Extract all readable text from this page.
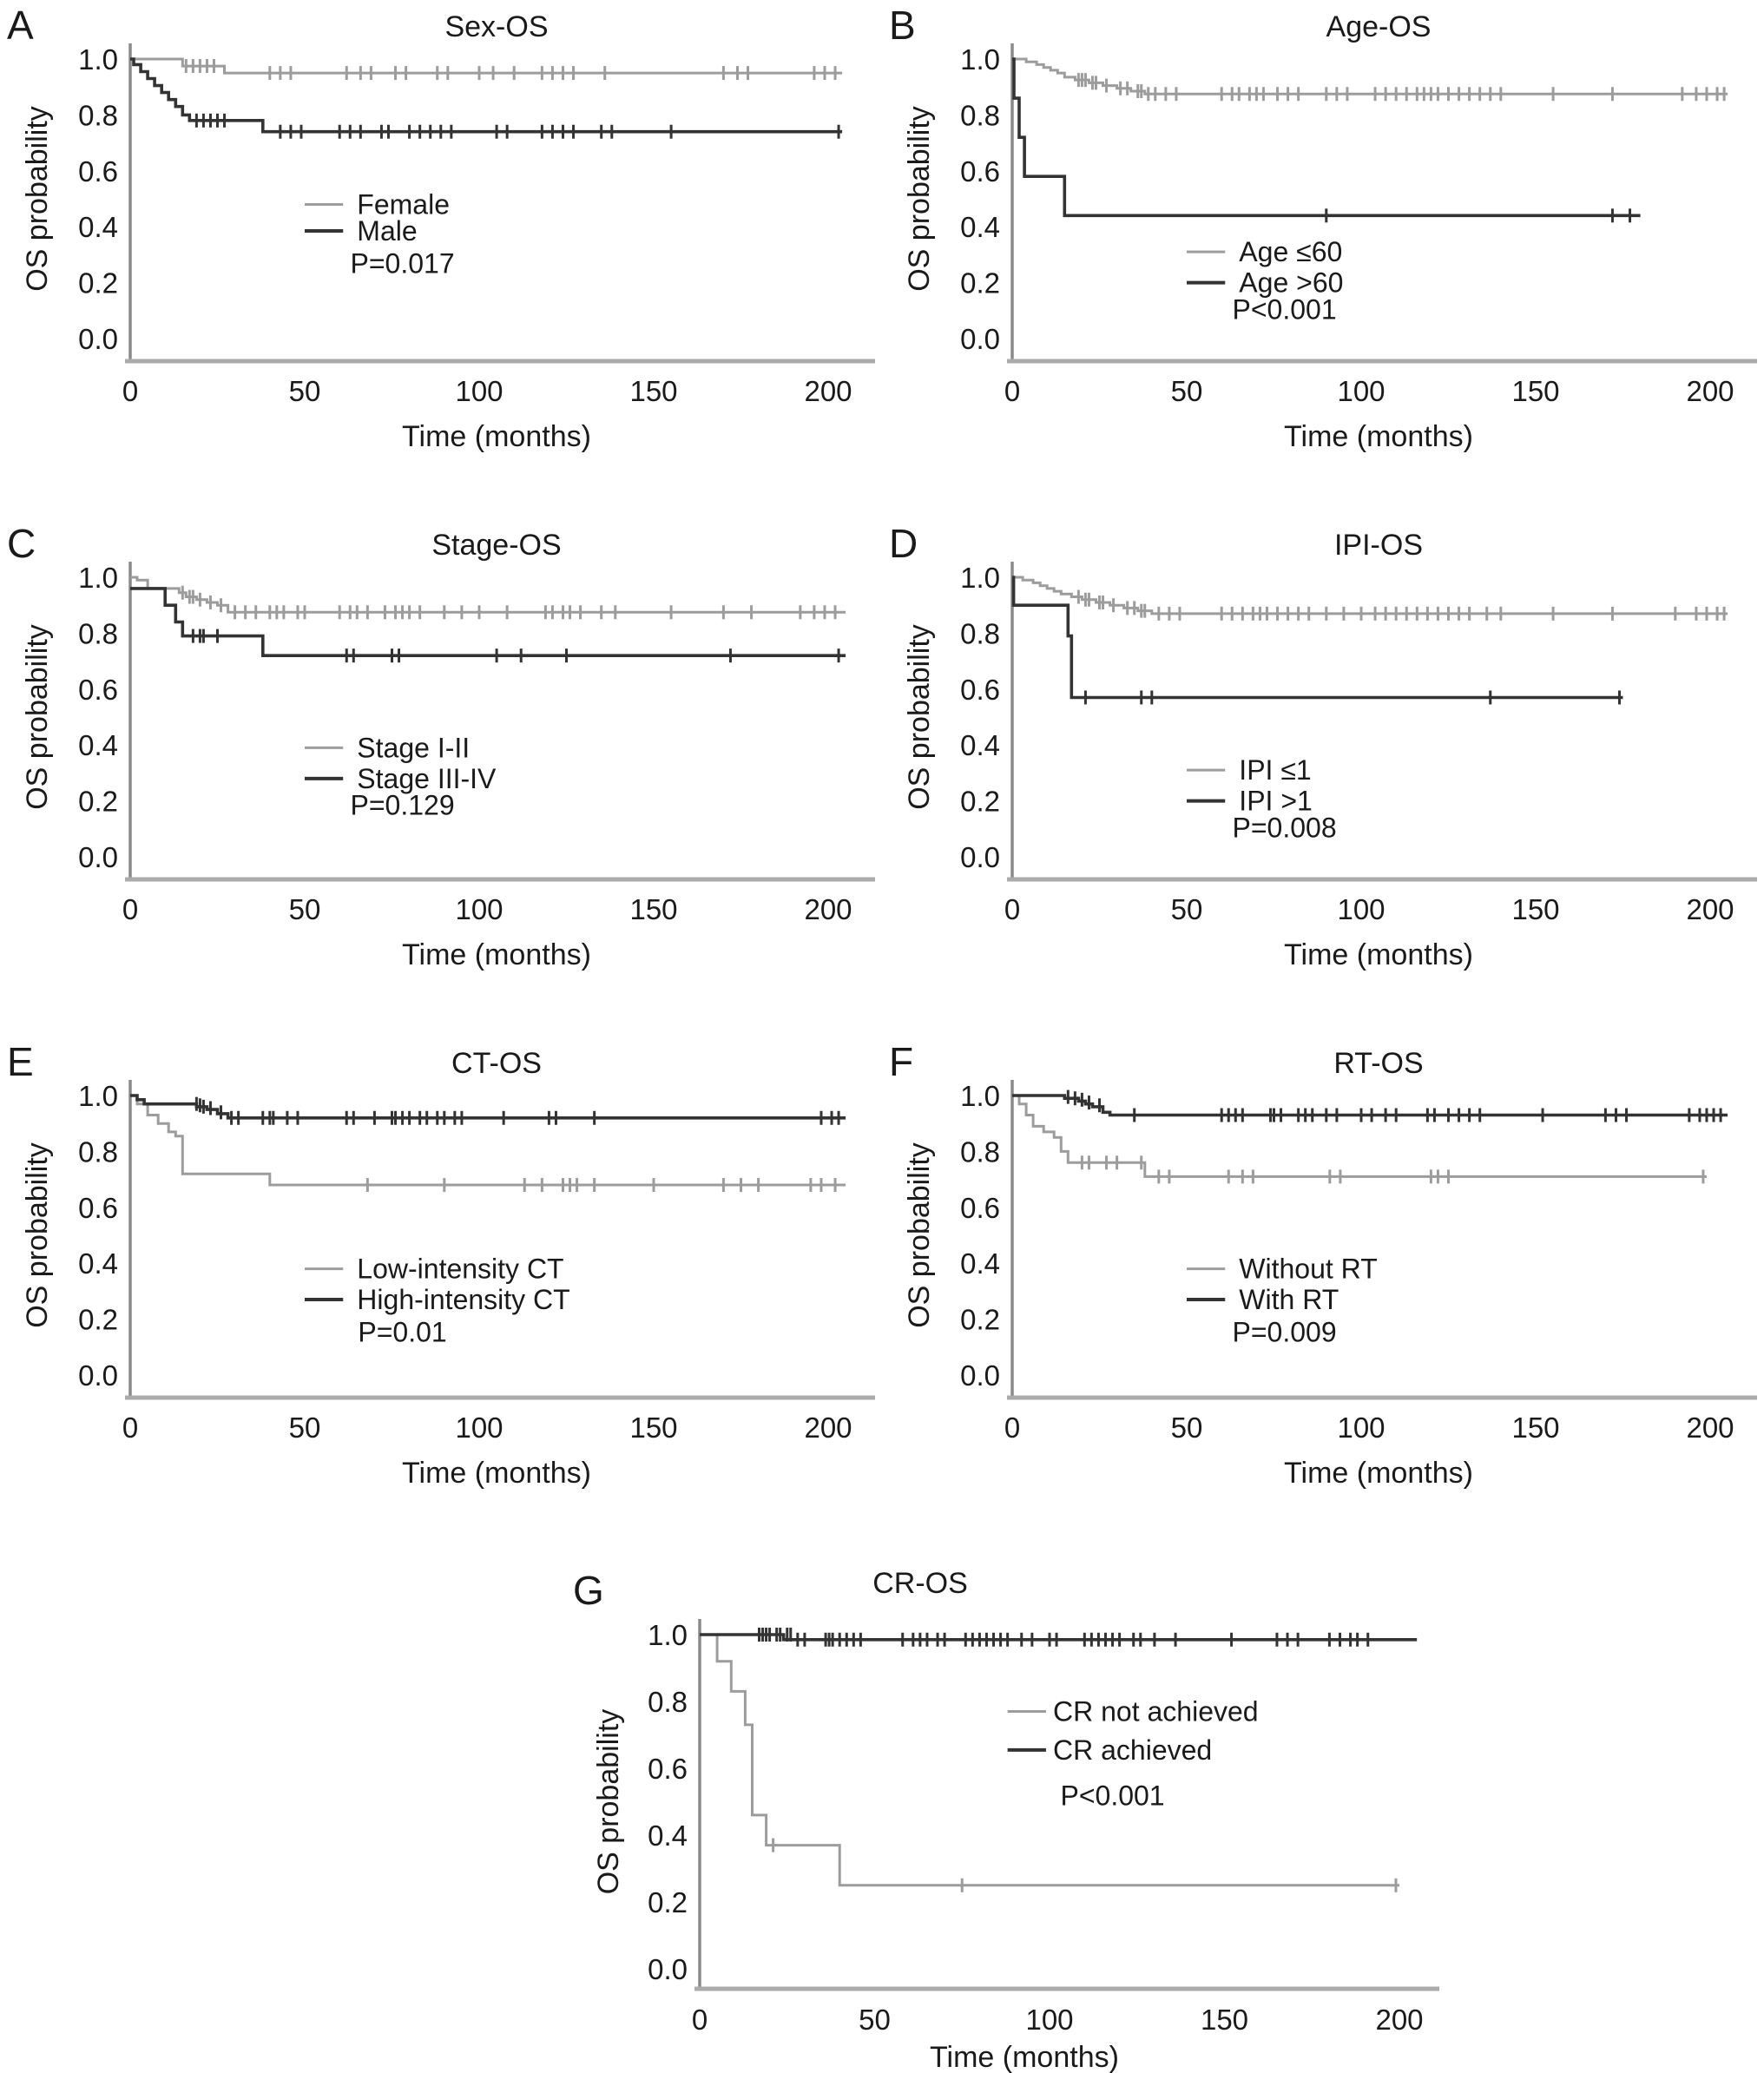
A	Sex-OS
1.0
0.8
0.6
0.4
0.2
0.0
0	50	100	150	200
Time (months)
OS probability	Female
Male
P=0.017
B	Age-OS
1.0
0.8
0.6
0.4
0.2
0.0
0	50	100	150	200
Time (months)
OS probability	Age ≤60
Age >60
P<0.001
C	Stage-OS
1.0
0.8
0.6
0.4
0.2
0.0
0	50	100	150	200
Time (months)
OS probability	Stage I-II
Stage III-IV
P=0.129
D	IPI-OS
1.0
0.8
0.6
0.4
0.2
0.0
0	50	100	150	200
Time (months)
OS probability	IPI ≤1
IPI >1
P=0.008
E	CT-OS
1.0
0.8
0.6
0.4
0.2
0.0
0	50	100	150	200
Time (months)
OS probability	Low-intensity CT
High-intensity CT
P=0.01
F	RT-OS
1.0
0.8
0.6
0.4
0.2
0.0
0	50	100	150	200
Time (months)
OS probability	Without RT
With RT
P=0.009
G	CR-OS
1.0
0.8
0.6
0.4
0.2
0.0
0	50	100	150	200
Time (months)
OS probability	CR not achieved
CR achieved
P<0.001
